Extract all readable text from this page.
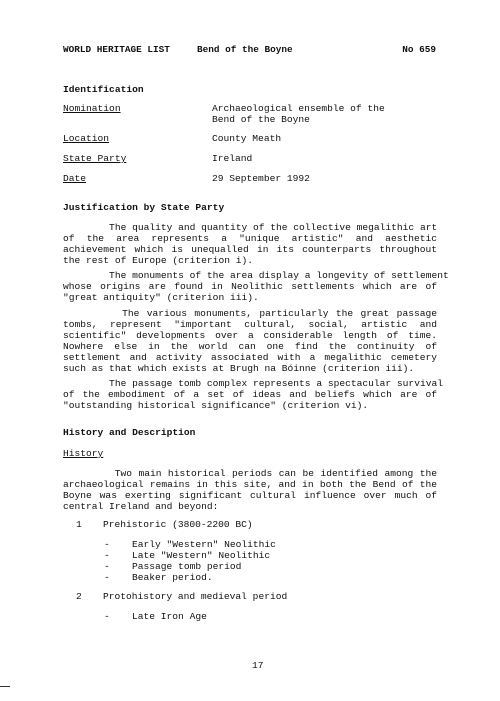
WORLD HERITAGE LIST	Bend of the Boyne	No 659
Identification
Nomination	Archaeological ensemble of the
Bend of the Boyne
Location	County Meath
State Party	Ireland
Date	29 September 1992
Justification by State Party
The quality and quantity of the collective megalithic art
of the area represents a "unique artistic" and aesthetic
achievement which is unequalled in its counterparts throughout
the rest of Europe (criterion i).
The monuments of the area display a longevity of settlement
whose origins are found in Neolithic settlements which are of
"great antiquity" (criterion iii).
The various monuments, particularly the great passage
tombs, represent "important cultural, social, artistic and
scientific" developments over a considerable length of time.
Nowhere else in the world can one find the continuity of
settlement and activity associated with a megalithic cemetery
such as that which exists at Brugh na Bóinne (criterion iii).
The passage tomb complex represents a spectacular survival
of the embodiment of a set of ideas and beliefs which are of
"outstanding historical significance" (criterion vi).
History and Description
History
Two main historical periods can be identified among the
archaeological remains in this site, and in both the Bend of the
Boyne was exerting significant cultural influence over much of
central Ireland and beyond:
1 Prehistoric (3800-2200 BC)
- Early "Western" Neolithic
- Late "Western" Neolithic
- Passage tomb period
- Beaker period.
2 Protohistory and medieval period
- Late Iron Age
17
